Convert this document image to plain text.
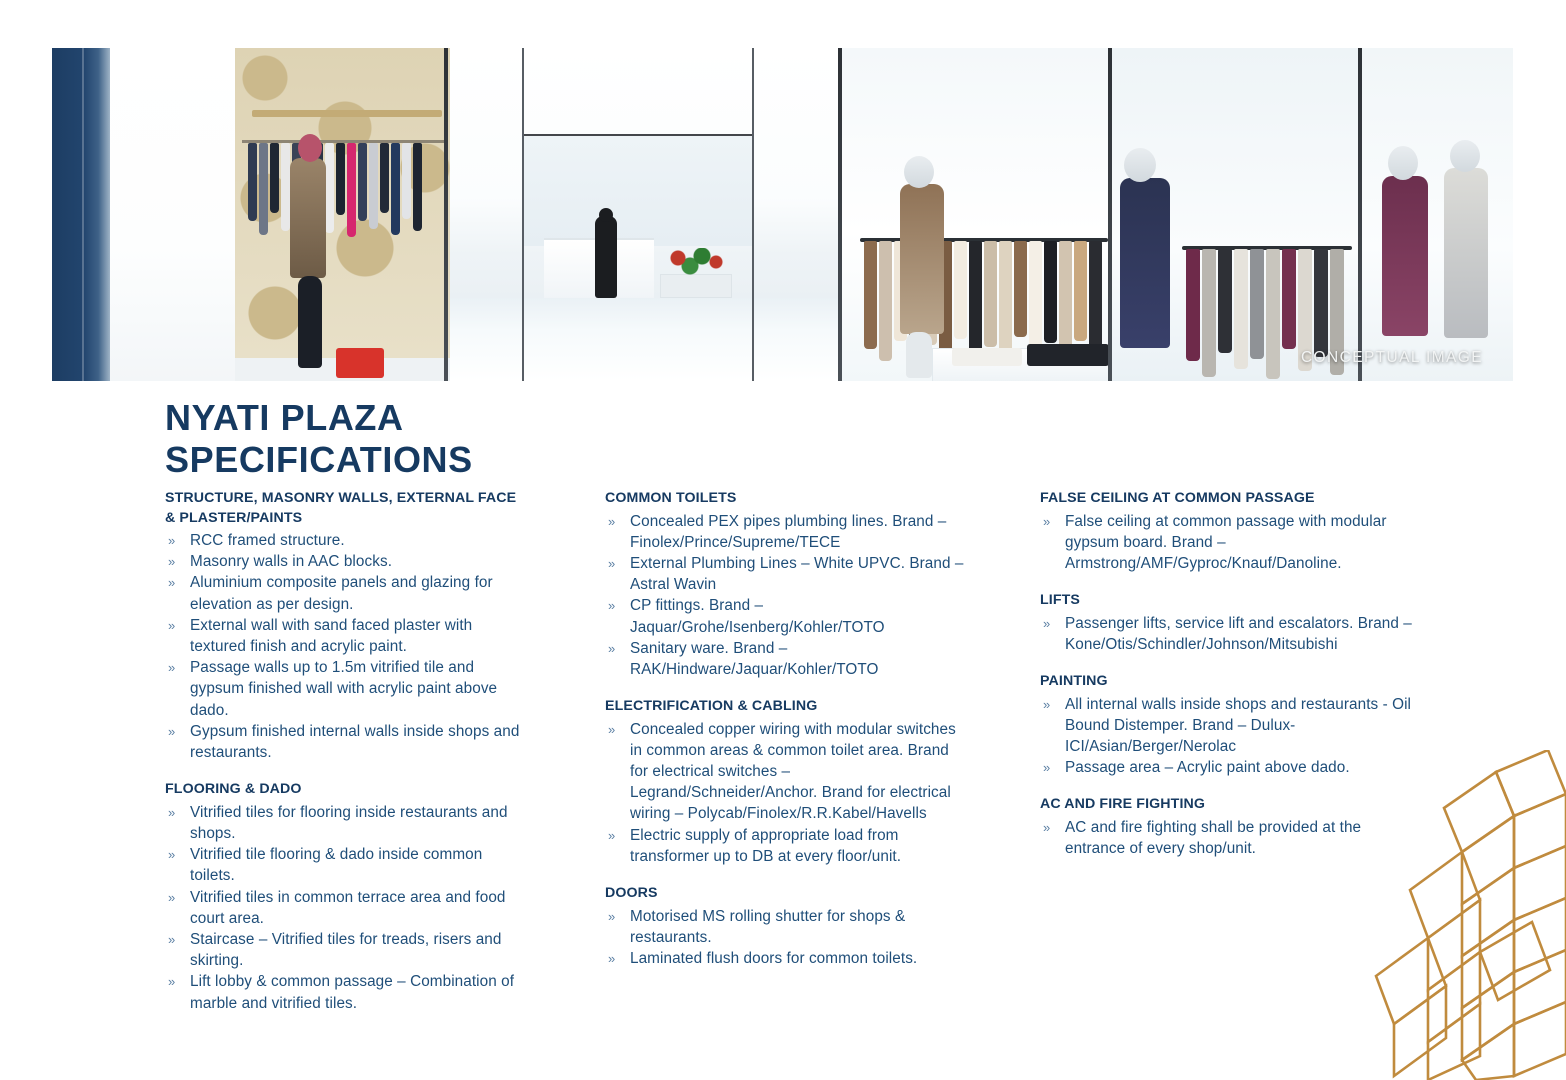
CONCEPTUAL IMAGE
NYATI PLAZA
SPECIFICATIONS
STRUCTURE, MASONRY WALLS, EXTERNAL FACE & PLASTER/PAINTS
» RCC framed structure.
» Masonry walls in AAC blocks.
» Aluminium composite panels and glazing for elevation as per design.
» External wall with sand faced plaster with textured finish and acrylic paint.
» Passage walls up to 1.5m vitrified tile and gypsum finished wall with acrylic paint above dado.
» Gypsum finished internal walls inside shops and restaurants.
FLOORING & DADO
» Vitrified tiles for flooring inside restaurants and shops.
» Vitrified tile flooring & dado inside common toilets.
» Vitrified tiles in common terrace area and food court area.
» Staircase – Vitrified tiles for treads, risers and skirting.
» Lift lobby & common passage – Combination of marble and vitrified tiles.
COMMON TOILETS
» Concealed PEX pipes plumbing lines. Brand – Finolex/Prince/Supreme/TECE
» External Plumbing Lines – White UPVC. Brand – Astral Wavin
» CP fittings. Brand – Jaquar/Grohe/Isenberg/Kohler/TOTO
» Sanitary ware. Brand – RAK/Hindware/Jaquar/Kohler/TOTO
ELECTRIFICATION & CABLING
» Concealed copper wiring with modular switches in common areas & common toilet area. Brand for electrical switches – Legrand/Schneider/Anchor. Brand for electrical wiring – Polycab/Finolex/R.R.Kabel/Havells
» Electric supply of appropriate load from transformer up to DB at every floor/unit.
DOORS
» Motorised MS rolling shutter for shops & restaurants.
» Laminated flush doors for common toilets.
FALSE CEILING AT COMMON PASSAGE
» False ceiling at common passage with modular gypsum board. Brand – Armstrong/AMF/Gyproc/Knauf/Danoline.
LIFTS
» Passenger lifts, service lift and escalators. Brand – Kone/Otis/Schindler/Johnson/Mitsubishi
PAINTING
» All internal walls inside shops and restaurants - Oil Bound Distemper. Brand – Dulux-ICI/Asian/Berger/Nerolac
» Passage area – Acrylic paint above dado.
AC AND FIRE FIGHTING
» AC and fire fighting shall be provided at the entrance of every shop/unit.
